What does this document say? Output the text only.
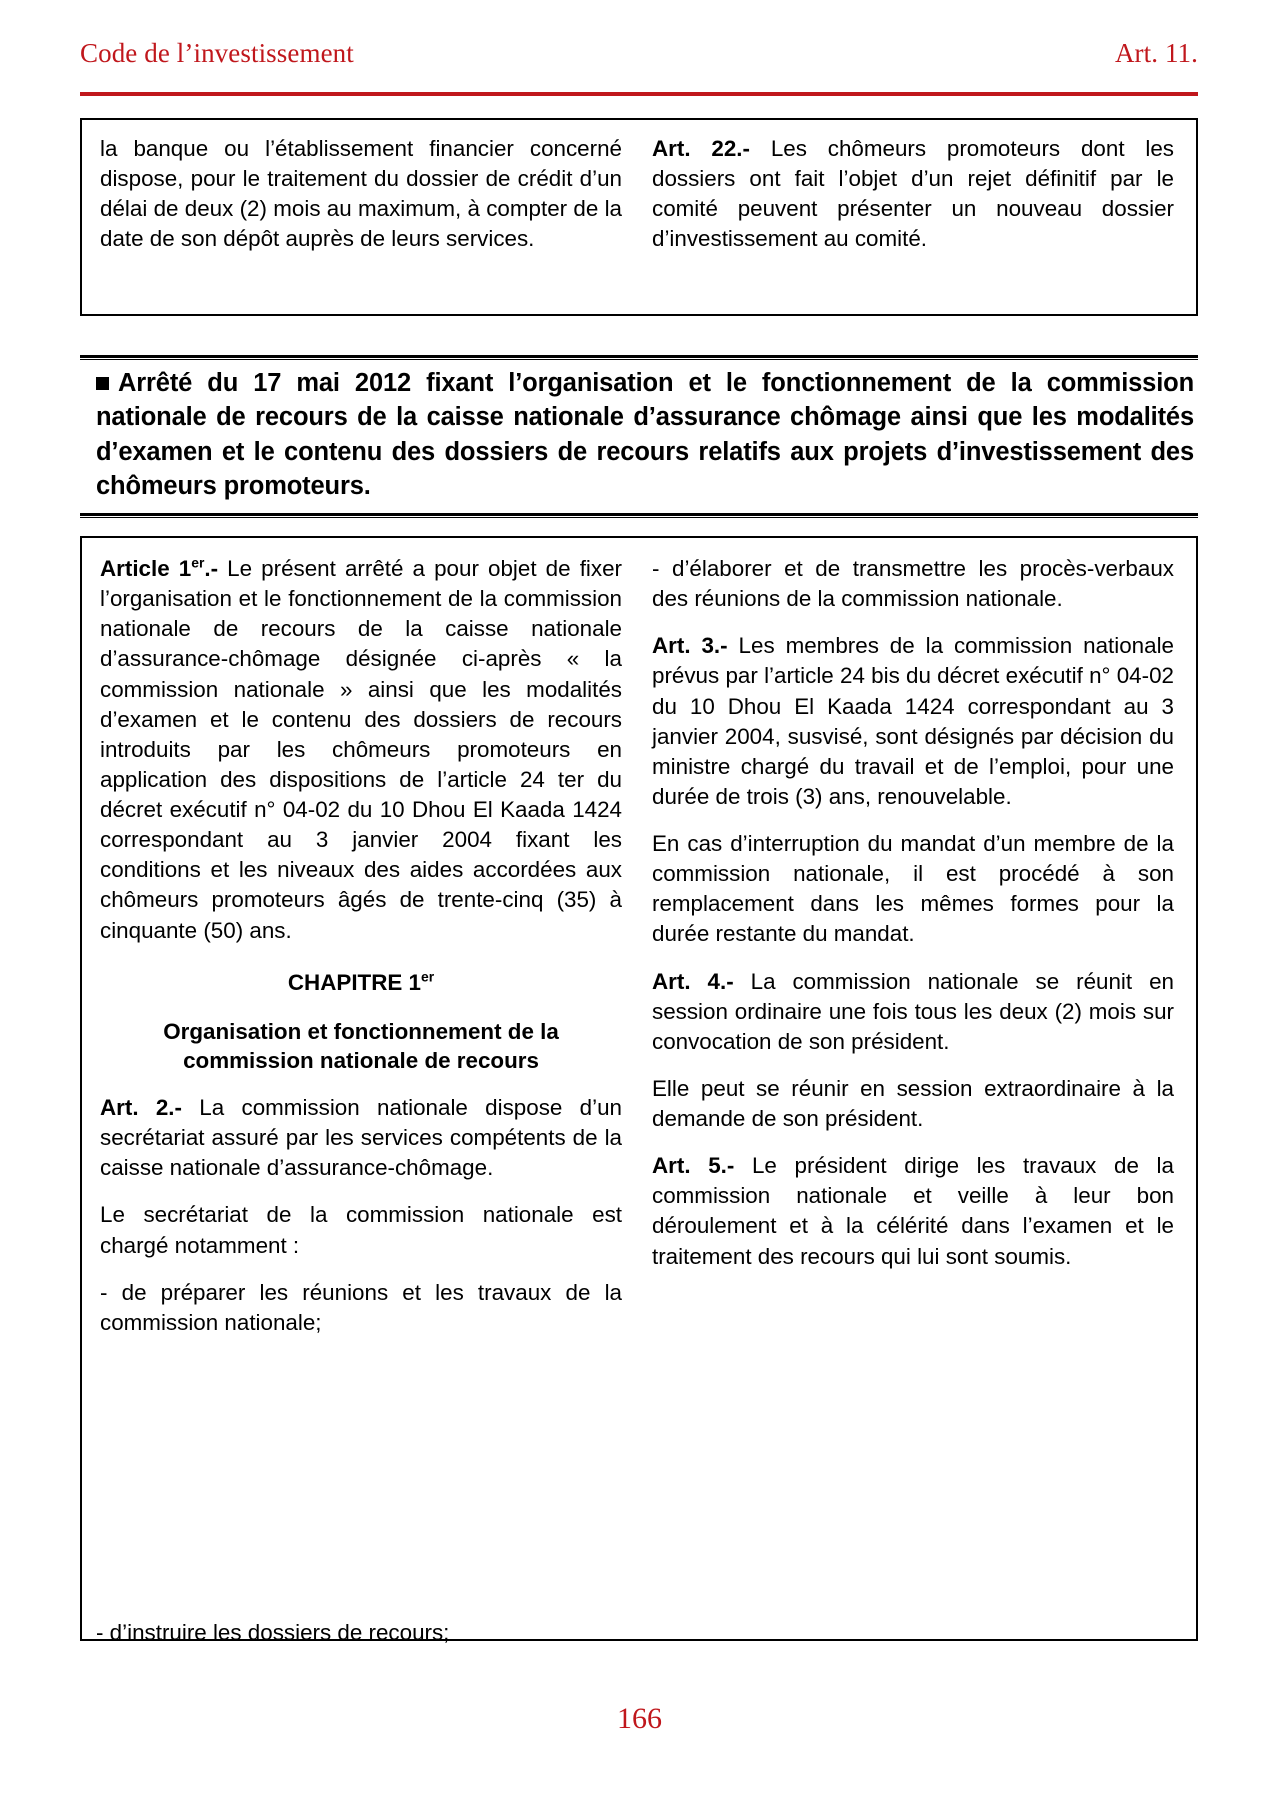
Code de l’investissement	Art. 11.

la banque ou l’établissement financier concerné dispose, pour le traitement du dossier de crédit d’un délai de deux (2) mois au maximum, à compter de la date de son dépôt auprès de leurs services.

Art. 22.- Les chômeurs promoteurs dont les dossiers ont fait l’objet d’un rejet définitif par le comité peuvent présenter un nouveau dossier d’investissement au comité.

Arrêté du 17 mai 2012 fixant l’organisation et le fonctionnement de la commission nationale de recours de la caisse nationale d’assurance chômage ainsi que les modalités d’examen et le contenu des dossiers de recours relatifs aux projets d’investissement des chômeurs promoteurs.

Article 1er.- Le présent arrêté a pour objet de fixer l’organisation et le fonctionnement de la commission nationale de recours de la caisse nationale d’assurance-chômage désignée ci-après « la commission nationale » ainsi que les modalités d’examen et le contenu des dossiers de recours introduits par les chômeurs promoteurs en application des dispositions de l’article 24 ter du décret exécutif n° 04-02 du 10 Dhou El Kaada 1424 correspondant au 3 janvier 2004 fixant les conditions et les niveaux des aides accordées aux chômeurs promoteurs âgés de trente-cinq (35) à cinquante (50) ans.

CHAPITRE 1er

Organisation et fonctionnement de la commission nationale de recours

Art. 2.- La commission nationale dispose d’un secrétariat assuré par les services compétents de la caisse nationale d’assurance-chômage.

Le secrétariat de la commission nationale est chargé notamment :

- de préparer les réunions et les travaux de la commission nationale;

- d’élaborer et de transmettre les procès-verbaux des réunions de la commission nationale.

Art. 3.- Les membres de la commission nationale prévus par l’article 24 bis du décret exécutif n° 04-02 du 10 Dhou El Kaada 1424 correspondant au 3 janvier 2004, susvisé, sont désignés par décision du ministre chargé du travail et de l’emploi, pour une durée de trois (3) ans, renouvelable.

En cas d’interruption du mandat d’un membre de la commission nationale, il est procédé à son remplacement dans les mêmes formes pour la durée restante du mandat.

Art. 4.- La commission nationale se réunit en session ordinaire une fois tous les deux (2) mois sur convocation de son président.

Elle peut se réunir en session extraordinaire à la demande de son président.

Art. 5.- Le président dirige les travaux de la commission nationale et veille à leur bon déroulement et à la célérité dans l’examen et le traitement des recours qui lui sont soumis.

- d’instruire les dossiers de recours;
166
